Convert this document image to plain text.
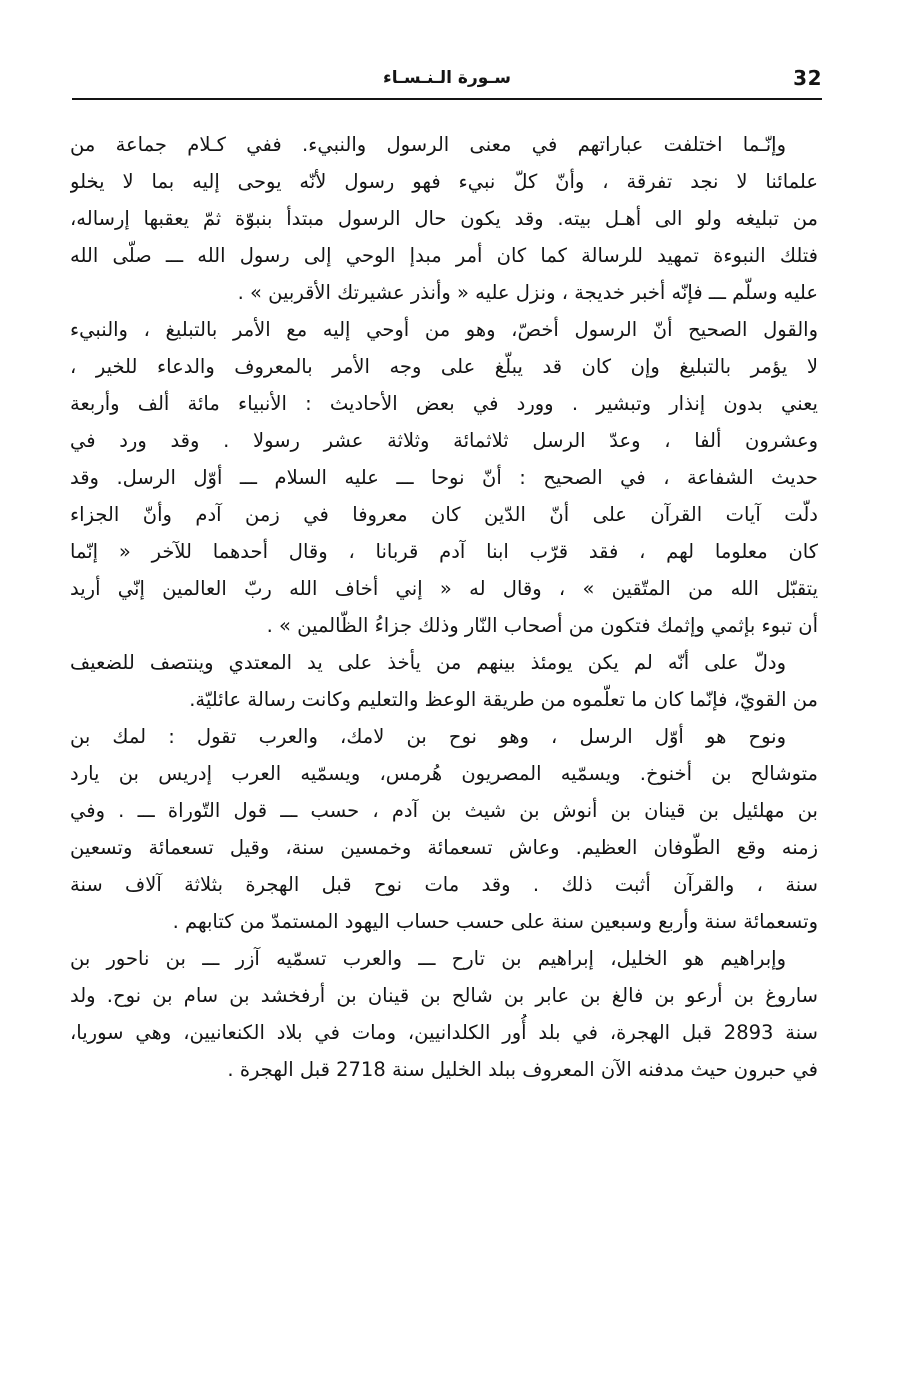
32
سـورة الـنـسـاء
وإنّـما اختلفت عباراتهم في معنى الرسول والنبيء. ففي كـلام جماعة من
علمائنا لا نجد تفرقة ، وأنّ كلّ نبيء فهو رسول لأنّه يوحى إليه بما لا يخلو
من تبليغه ولو الى أهـل بيته. وقد يكون حال الرسول مبتدأ بنبوّة ثمّ يعقبها إرساله،
فتلك النبوءة تمهيد للرسالة كما كان أمر مبدإ الوحي إلى رسول الله ـــ صلّى الله
عليه وسلّم ـــ فإنّه أخبر خديجة ، ونزل عليه « وأنذر عشيرتك الأقربين » .
والقول الصحيح أنّ الرسول أخصّ، وهو من أوحي إليه مع الأمر بالتبليغ ، والنبيء
لا يؤمر بالتبليغ وإن كان قد يبلّغ على وجه الأمر بالمعروف والدعاء للخير ،
يعني بدون إنذار وتبشير . وورد في بعض الأحاديث : الأنبياء مائة ألف وأربعة
وعشرون ألفا ، وعدّ الرسل ثلاثمائة وثلاثة عشر رسولا . وقد ورد في
حديث الشفاعة ، في الصحيح : أنّ نوحا ـــ عليه السلام ـــ أوّل الرسل. وقد
دلّت آيات القرآن على أنّ الدّين كان معروفا في زمن آدم وأنّ الجزاء
كان معلوما لهم ، فقد قرّب ابنا آدم قربانا ، وقال أحدهما للآخر « إنّما
يتقبّل الله من المتّقين » ، وقال له « إني أخاف الله ربّ العالمين إنّي أريد
أن تبوء بإثمي وإثمك فتكون من أصحاب النّار وذلك جزاءُ الظّالمين » .
ودلّ على أنّه لم يكن يومئذ بينهم من يأخذ على يد المعتدي وينتصف للضعيف
من القويّ، فإنّما كان ما تعلّموه من طريقة الوعظ والتعليم وكانت رسالة عائليّة.
ونوح هو أوّل الرسل ، وهو نوح بن لامك، والعرب تقول : لمك بن
متوشالح بن أخنوخ. ويسمّيه المصريون هُرمس، ويسمّيه العرب إدريس بن يارد
بن مهلئيل بن قينان بن أنوش بن شيث بن آدم ، حسب ـــ قول التّوراة ـــ . وفي
زمنه وقع الطّوفان العظيم. وعاش تسعمائة وخمسين سنة، وقيل تسعمائة وتسعين
سنة ، والقرآن أثبت ذلك . وقد مات نوح قبل الهجرة بثلاثة آلاف سنة
وتسعمائة سنة وأربع وسبعين سنة على حسب حساب اليهود المستمدّ من كتابهم .
وإبراهيم هو الخليل، إبراهيم بن تارح ـــ والعرب تسمّيه آزر ـــ بن ناحور بن
ساروغ بن أرعو بن فالغ بن عابر بن شالح بن قينان بن أرفخشد بن سام بن نوح. ولد
سنة 2893 قبل الهجرة، في بلد أُور الكلدانيين، ومات في بلاد الكنعانيين، وهي سوريا،
في حبرون حيث مدفنه الآن المعروف ببلد الخليل سنة 2718 قبل الهجرة .
